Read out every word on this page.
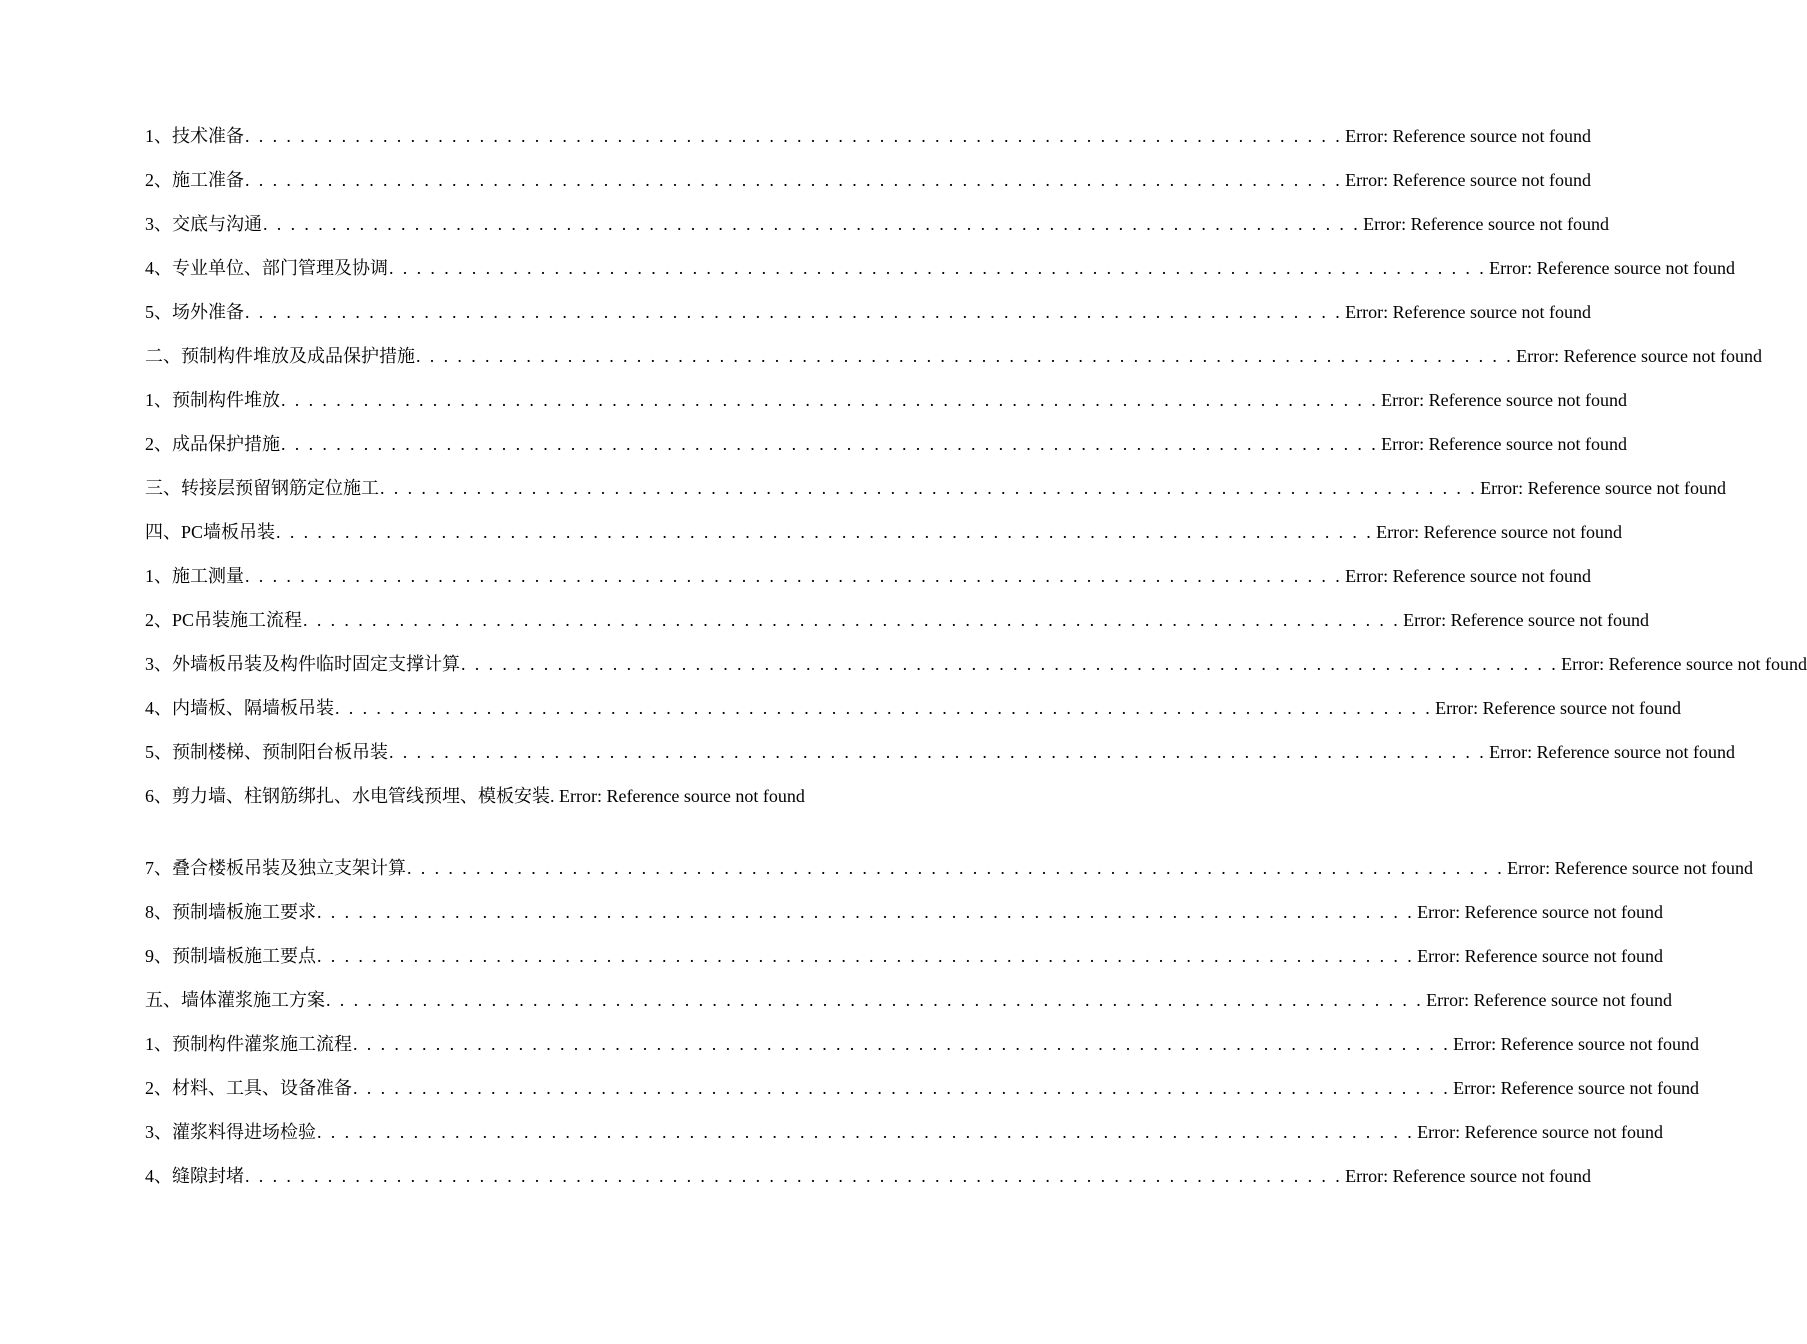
1、技术准备 . . . . . . . . . . . . . . . . . . . . . . . . . . . . . . . . . . . . . . . . . . . . . . . . . . . . . . . . . . . . . . . . . . . . . . . . . . . . . . . . Error: Reference source not found
2、施工准备 . . . . . . . . . . . . . . . . . . . . . . . . . . . . . . . . . . . . . . . . . . . . . . . . . . . . . . . . . . . . . . . . . . . . . . . . . . . . . . . . Error: Reference source not found
3、交底与沟通 . . . . . . . . . . . . . . . . . . . . . . . . . . . . . . . . . . . . . . . . . . . . . . . . . . . . . . . . . . . . . . . . . . . . . . . . . . . . . . . . Error: Reference source not found
4、专业单位、部门管理及协调 . . . . . . . . . . . . . . . . . . . . . . . . . . . . . . . . . . . . . . . . . . . . . . . . . . . . . . . . . . . . . . . . . . . . . . . . . . . . . . . . Error: Reference source not found
5、场外准备 . . . . . . . . . . . . . . . . . . . . . . . . . . . . . . . . . . . . . . . . . . . . . . . . . . . . . . . . . . . . . . . . . . . . . . . . . . . . . . . . Error: Reference source not found
二、预制构件堆放及成品保护措施 . . . . . . . . . . . . . . . . . . . . . . . . . . . . . . . . . . . . . . . . . . . . . . . . . . . . . . . . . . . . . . . . . . . . . . . . . . . . . . . . Error: Reference source not found
1、预制构件堆放 . . . . . . . . . . . . . . . . . . . . . . . . . . . . . . . . . . . . . . . . . . . . . . . . . . . . . . . . . . . . . . . . . . . . . . . . . . . . . . . . Error: Reference source not found
2、成品保护措施 . . . . . . . . . . . . . . . . . . . . . . . . . . . . . . . . . . . . . . . . . . . . . . . . . . . . . . . . . . . . . . . . . . . . . . . . . . . . . . . . Error: Reference source not found
三、转接层预留钢筋定位施工 . . . . . . . . . . . . . . . . . . . . . . . . . . . . . . . . . . . . . . . . . . . . . . . . . . . . . . . . . . . . . . . . . . . . . . . . . . . . . . . . Error: Reference source not found
四、PC墙板吊装 . . . . . . . . . . . . . . . . . . . . . . . . . . . . . . . . . . . . . . . . . . . . . . . . . . . . . . . . . . . . . . . . . . . . . . . . . . . . . . . . Error: Reference source not found
1、施工测量 . . . . . . . . . . . . . . . . . . . . . . . . . . . . . . . . . . . . . . . . . . . . . . . . . . . . . . . . . . . . . . . . . . . . . . . . . . . . . . . . Error: Reference source not found
2、PC吊装施工流程 . . . . . . . . . . . . . . . . . . . . . . . . . . . . . . . . . . . . . . . . . . . . . . . . . . . . . . . . . . . . . . . . . . . . . . . . . . . . . . . . Error: Reference source not found
3、外墙板吊装及构件临时固定支撑计算 . . . . . . . . . . . . . . . . . . . . . . . . . . . . . . . . . . . . . . . . . . . . . . . . . . . . . . . . . . . . . . . . . . . . . . . . . . . . . . . . Error: Reference source not found
4、内墙板、隔墙板吊装 . . . . . . . . . . . . . . . . . . . . . . . . . . . . . . . . . . . . . . . . . . . . . . . . . . . . . . . . . . . . . . . . . . . . . . . . . . . . . . . . Error: Reference source not found
5、预制楼梯、预制阳台板吊装 . . . . . . . . . . . . . . . . . . . . . . . . . . . . . . . . . . . . . . . . . . . . . . . . . . . . . . . . . . . . . . . . . . . . . . . . . . . . . . . . Error: Reference source not found
6、剪力墙、柱钢筋绑扎、水电管线预埋、模板安装. Error: Reference source not found
7、叠合楼板吊装及独立支架计算 . . . . . . . . . . . . . . . . . . . . . . . . . . . . . . . . . . . . . . . . . . . . . . . . . . . . . . . . . . . . . . . . . . . . . . . . . . . . . . . . Error: Reference source not found
8、预制墙板施工要求 . . . . . . . . . . . . . . . . . . . . . . . . . . . . . . . . . . . . . . . . . . . . . . . . . . . . . . . . . . . . . . . . . . . . . . . . . . . . . . . . Error: Reference source not found
9、预制墙板施工要点 . . . . . . . . . . . . . . . . . . . . . . . . . . . . . . . . . . . . . . . . . . . . . . . . . . . . . . . . . . . . . . . . . . . . . . . . . . . . . . . . Error: Reference source not found
五、墙体灌浆施工方案 . . . . . . . . . . . . . . . . . . . . . . . . . . . . . . . . . . . . . . . . . . . . . . . . . . . . . . . . . . . . . . . . . . . . . . . . . . . . . . . . Error: Reference source not found
1、预制构件灌浆施工流程 . . . . . . . . . . . . . . . . . . . . . . . . . . . . . . . . . . . . . . . . . . . . . . . . . . . . . . . . . . . . . . . . . . . . . . . . . . . . . . . . Error: Reference source not found
2、材料、工具、设备准备 . . . . . . . . . . . . . . . . . . . . . . . . . . . . . . . . . . . . . . . . . . . . . . . . . . . . . . . . . . . . . . . . . . . . . . . . . . . . . . . . Error: Reference source not found
3、灌浆料得进场检验 . . . . . . . . . . . . . . . . . . . . . . . . . . . . . . . . . . . . . . . . . . . . . . . . . . . . . . . . . . . . . . . . . . . . . . . . . . . . . . . . Error: Reference source not found
4、缝隙封堵 . . . . . . . . . . . . . . . . . . . . . . . . . . . . . . . . . . . . . . . . . . . . . . . . . . . . . . . . . . . . . . . . . . . . . . . . . . . . . . . . Error: Reference source not found
